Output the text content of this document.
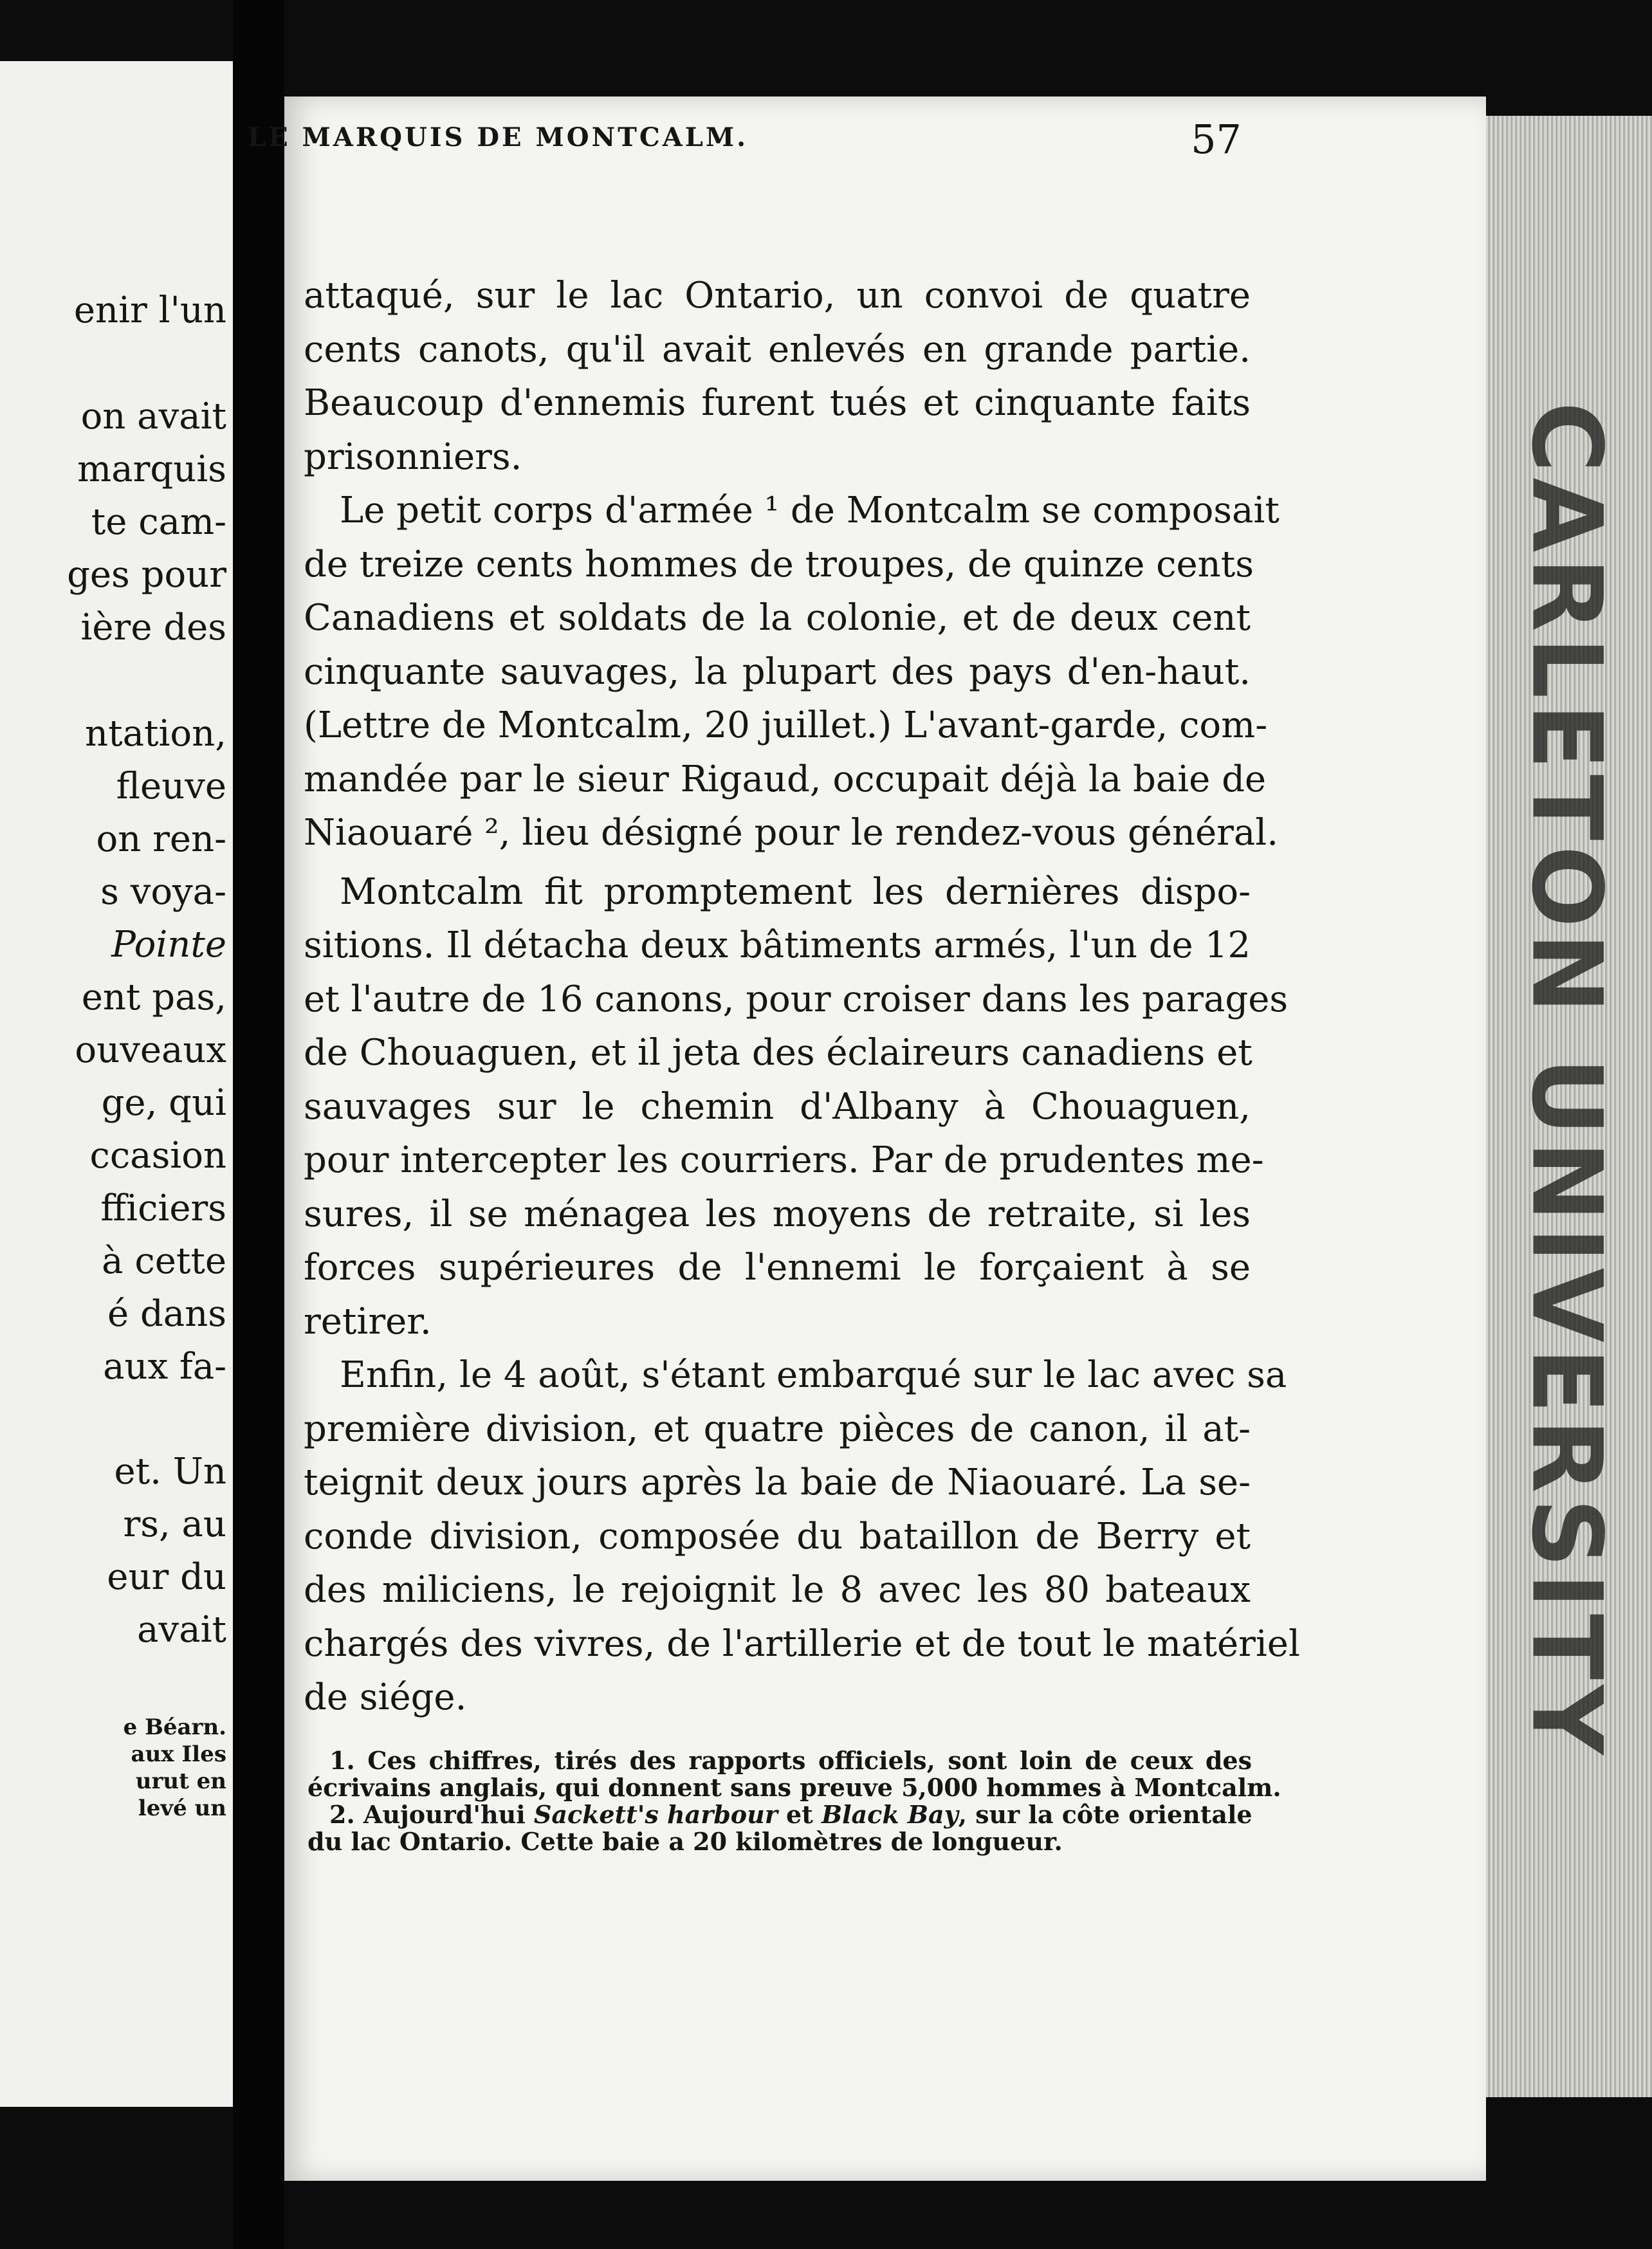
enir l'un
on avait
marquis
te cam-
ges pour
ière des
ntation,
fleuve
on ren-
s voya-
Pointe
ent pas,
ouveaux
ge, qui
ccasion
fficiers
à cette
é dans
aux fa-
et. Un
rs, au
eur du
avait
e Béarn.
aux Iles
urut en
levé un
LE MARQUIS DE MONTCALM.	57
attaqué, sur le lac Ontario, un convoi de quatre
cents canots, qu'il avait enlevés en grande partie.
Beaucoup d'ennemis furent tués et cinquante faits
prisonniers.
Le petit corps d'armée ¹ de Montcalm se composait
de treize cents hommes de troupes, de quinze cents
Canadiens et soldats de la colonie, et de deux cent
cinquante sauvages, la plupart des pays d'en-haut.
(Lettre de Montcalm, 20 juillet.) L'avant-garde, com-
mandée par le sieur Rigaud, occupait déjà la baie de
Niaouaré ², lieu désigné pour le rendez-vous général.
Montcalm fit promptement les dernières dispo-
sitions. Il détacha deux bâtiments armés, l'un de 12
et l'autre de 16 canons, pour croiser dans les parages
de Chouaguen, et il jeta des éclaireurs canadiens et
sauvages sur le chemin d'Albany à Chouaguen,
pour intercepter les courriers. Par de prudentes me-
sures, il se ménagea les moyens de retraite, si les
forces supérieures de l'ennemi le forçaient à se
retirer.
Enfin, le 4 août, s'étant embarqué sur le lac avec sa
première division, et quatre pièces de canon, il at-
teignit deux jours après la baie de Niaouaré. La se-
conde division, composée du bataillon de Berry et
des miliciens, le rejoignit le 8 avec les 80 bateaux
chargés des vivres, de l'artillerie et de tout le matériel
de siége.
1. Ces chiffres, tirés des rapports officiels, sont loin de ceux des
écrivains anglais, qui donnent sans preuve 5,000 hommes à Montcalm.
2. Aujourd'hui Sackett's harbour et Black Bay, sur la côte orientale
du lac Ontario. Cette baie a 20 kilomètres de longueur.
CARLETON UNIVERSITY
